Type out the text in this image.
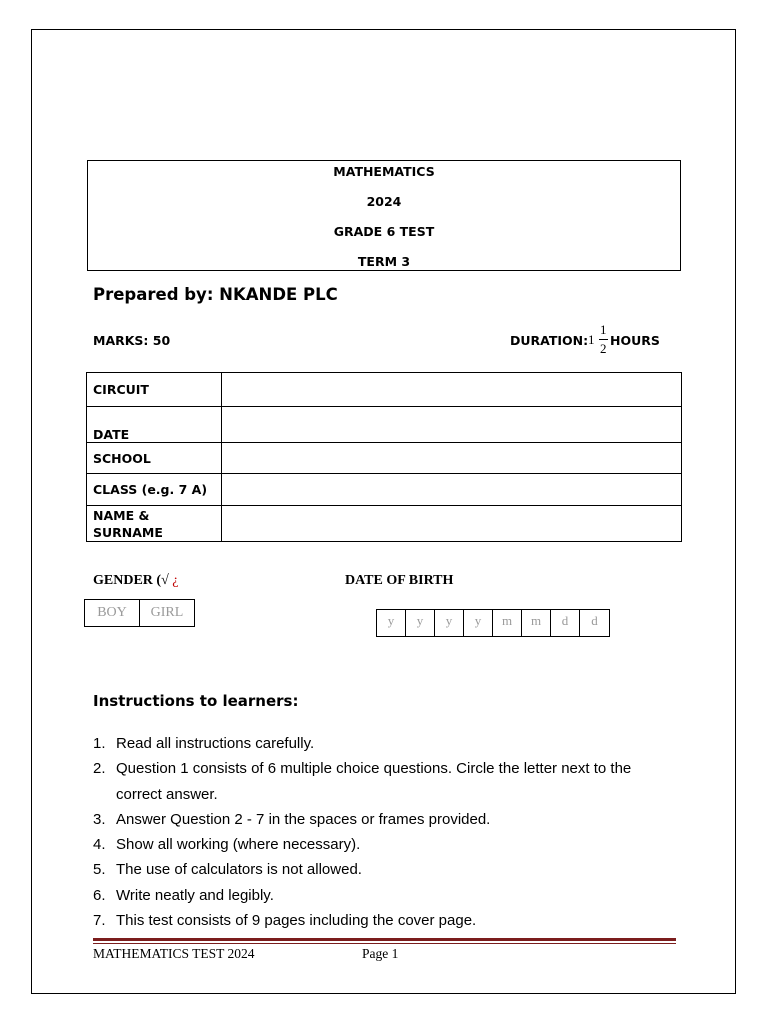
MATHEMATICS
2024
GRADE 6 TEST
TERM 3
Prepared by: NKANDE PLC
MARKS: 50	DURATION: 1
1
2
HOURS
CIRCUIT	
DATE	
SCHOOL	
CLASS (e.g. 7 A)	
NAME & SURNAME	
GENDER (√ ¿	DATE OF BIRTH
BOY	GIRL
y	y	y	y	m	m	d	d
Instructions to learners:
1. Read all instructions carefully.
2. Question 1 consists of 6 multiple choice questions. Circle the letter next to the correct answer.
3. Answer Question 2 - 7 in the spaces or frames provided.
4. Show all working (where necessary).
5. The use of calculators is not allowed.
6. Write neatly and legibly.
7. This test consists of 9 pages including the cover page.
MATHEMATICS TEST 2024	Page 1
